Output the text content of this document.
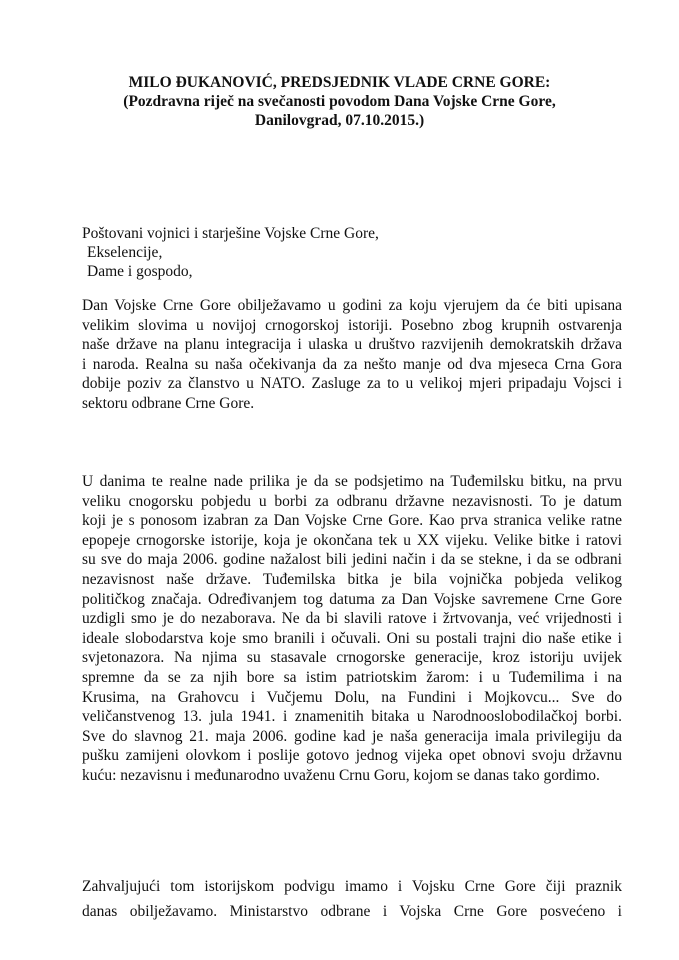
MILO ĐUKANOVIĆ, PREDSJEDNIK VLADE CRNE GORE:
(Pozdravna riječ na svečanosti povodom Dana Vojske Crne Gore,
Danilovgrad, 07.10.2015.)
Poštovani vojnici i starješine Vojske Crne Gore,
Ekselencije,
Dame i gospodo,
Dan Vojske Crne Gore obilježavamo u godini za koju vjerujem da će biti upisana
velikim slovima u novijoj crnogorskoj istoriji. Posebno zbog krupnih ostvarenja
naše države na planu integracija i ulaska u društvo razvijenih demokratskih država
i naroda. Realna su naša očekivanja da za nešto manje od dva mjeseca Crna Gora
dobije poziv za članstvo u NATO. Zasluge za to u velikoj mjeri pripadaju Vojsci i
sektoru odbrane Crne Gore.
U danima te realne nade prilika je da se podsjetimo na Tuđemilsku bitku, na prvu
veliku cnogorsku pobjedu u borbi za odbranu državne nezavisnosti. To je datum
koji je s ponosom izabran za Dan Vojske Crne Gore. Kao prva stranica velike ratne
epopeje crnogorske istorije, koja je okončana tek u XX vijeku. Velike bitke i ratovi
su sve do maja 2006. godine nažalost bili jedini način i da se stekne, i da se odbrani
nezavisnost naše države. Tuđemilska bitka je bila vojnička pobjeda velikog
političkog značaja. Određivanjem tog datuma za Dan Vojske savremene Crne Gore
uzdigli smo je do nezaborava. Ne da bi slavili ratove i žrtvovanja, već vrijednosti i
ideale slobodarstva koje smo branili i očuvali. Oni su postali trajni dio naše etike i
svjetonazora. Na njima su stasavale crnogorske generacije, kroz istoriju uvijek
spremne da se za njih bore sa istim patriotskim žarom: i u Tuđemilima i na
Krusima, na Grahovcu i Vučjemu Dolu, na Fundini i Mojkovcu... Sve do
veličanstvenog 13. jula 1941. i znamenitih bitaka u Narodnooslobodilačkoj borbi.
Sve do slavnog 21. maja 2006. godine kad je naša generacija imala privilegiju da
pušku zamijeni olovkom i poslije gotovo jednog vijeka opet obnovi svoju državnu
kuću: nezavisnu i međunarodno uvaženu Crnu Goru, kojom se danas tako gordimo.
Zahvaljujući tom istorijskom podvigu imamo i Vojsku Crne Gore čiji praznik
danas obilježavamo. Ministarstvo odbrane i Vojska Crne Gore posvećeno i
